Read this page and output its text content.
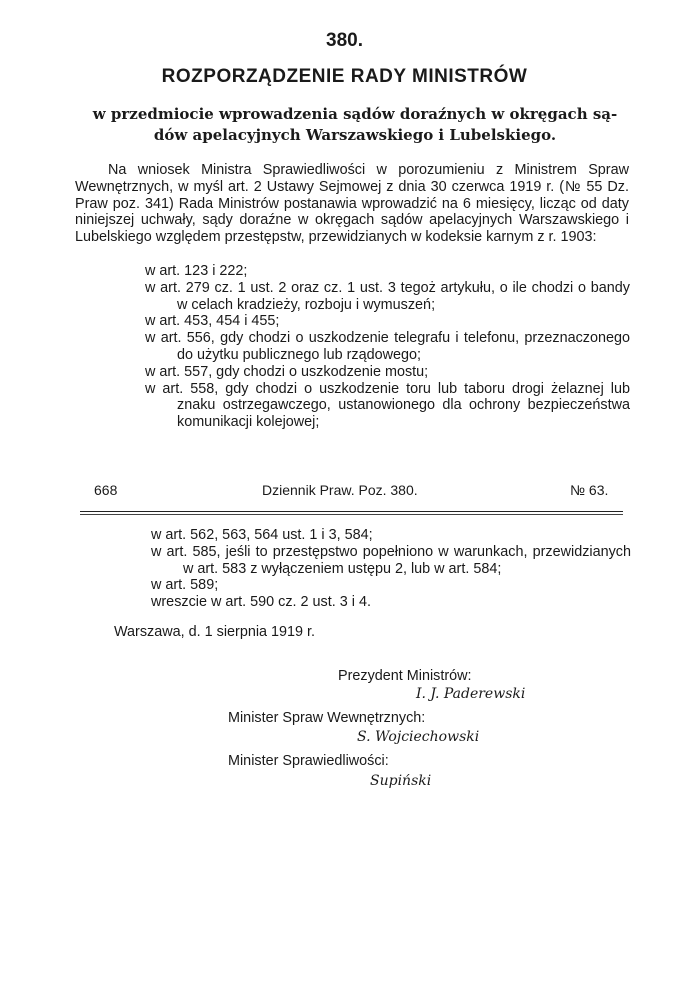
380.
ROZPORZĄDZENIE RADY MINISTRÓW
w przedmiocie wprowadzenia sądów doraźnych w okręgach są-
dów apelacyjnych Warszawskiego i Lubelskiego.

Na wniosek Ministra Sprawiedliwości w porozumieniu z Ministrem Spraw Wewnętrznych, w myśl art. 2 Ustawy Sejmowej z dnia 30 czerwca 1919 r. (№ 55 Dz. Praw poz. 341) Rada Ministrów postanawia wprowadzić na 6 miesięcy, licząc od daty niniejszej uchwały, sądy doraźne w okręgach sądów apelacyjnych Warszawskiego i Lubelskiego względem przestępstw, przewidzianych w kodeksie karnym z r. 1903:

w art. 123 i 222;
w art. 279 cz. 1 ust. 2 oraz cz. 1 ust. 3 tegoż artykułu, o ile chodzi o bandy w celach kradzieży, rozboju i wymuszeń;
w art. 453, 454 i 455;
w art. 556, gdy chodzi o uszkodzenie telegrafu i telefonu, przeznaczonego do użytku publicznego lub rządowego;
w art. 557, gdy chodzi o uszkodzenie mostu;
w art. 558, gdy chodzi o uszkodzenie toru lub taboru drogi żelaznej lub znaku ostrzegawczego, ustanowionego dla ochrony bezpieczeństwa komunikacji kolejowej;
668	Dziennik Praw. Poz. 380.	№ 63.
w art. 562, 563, 564 ust. 1 i 3, 584;
w art. 585, jeśli to przestępstwo popełniono w warunkach, przewidzianych w art. 583 z wyłączeniem ustępu 2, lub w art. 584;
w art. 589;
wreszcie w art. 590 cz. 2 ust. 3 i 4.
Warszawa, d. 1 sierpnia 1919 r.
Prezydent Ministrów:
I. J. Paderewski
Minister Spraw Wewnętrznych:
S. Wojciechowski
Minister Sprawiedliwości:
Supiński
